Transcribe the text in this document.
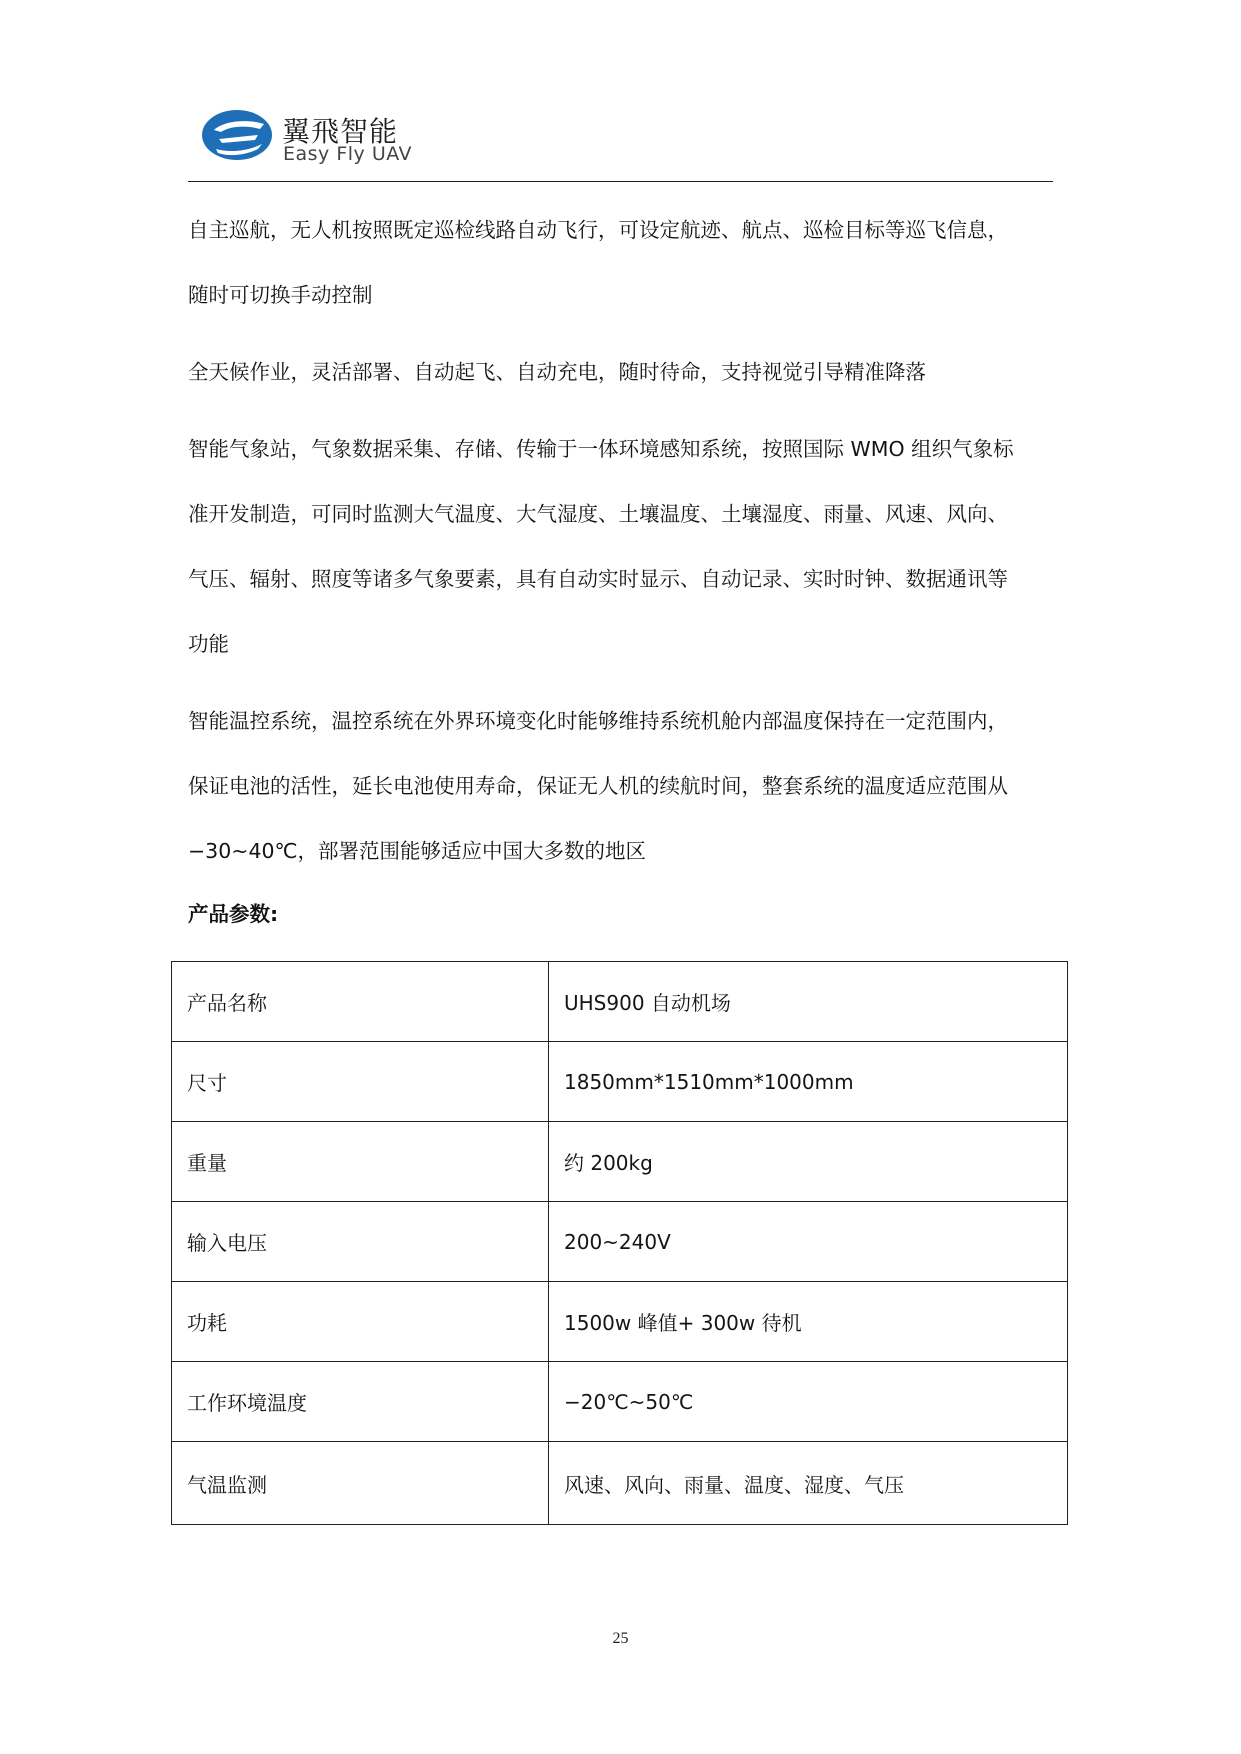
翼飛智能
Easy Fly UAV

自主巡航，无人机按照既定巡检线路自动飞行，可设定航迹、航点、巡检目标等巡飞信息，

随时可切换手动控制

全天候作业，灵活部署、自动起飞、自动充电，随时待命，支持视觉引导精准降落

智能气象站，气象数据采集、存储、传输于一体环境感知系统，按照国际 WMO 组织气象标

准开发制造，可同时监测大气温度、大气湿度、土壤温度、土壤湿度、雨量、风速、风向、

气压、辐射、照度等诸多气象要素，具有自动实时显示、自动记录、实时时钟、数据通讯等

功能

智能温控系统，温控系统在外界环境变化时能够维持系统机舱内部温度保持在一定范围内，

保证电池的活性，延长电池使用寿命，保证无人机的续航时间，整套系统的温度适应范围从

−30~40℃，部署范围能够适应中国大多数的地区

产品参数:
产品名称	UHS900 自动机场
尺寸	1850mm*1510mm*1000mm
重量	约 200kg
输入电压	200~240V
功耗	1500w 峰值+ 300w 待机
工作环境温度	−20℃~50℃
气温监测	风速、风向、雨量、温度、湿度、气压
25
